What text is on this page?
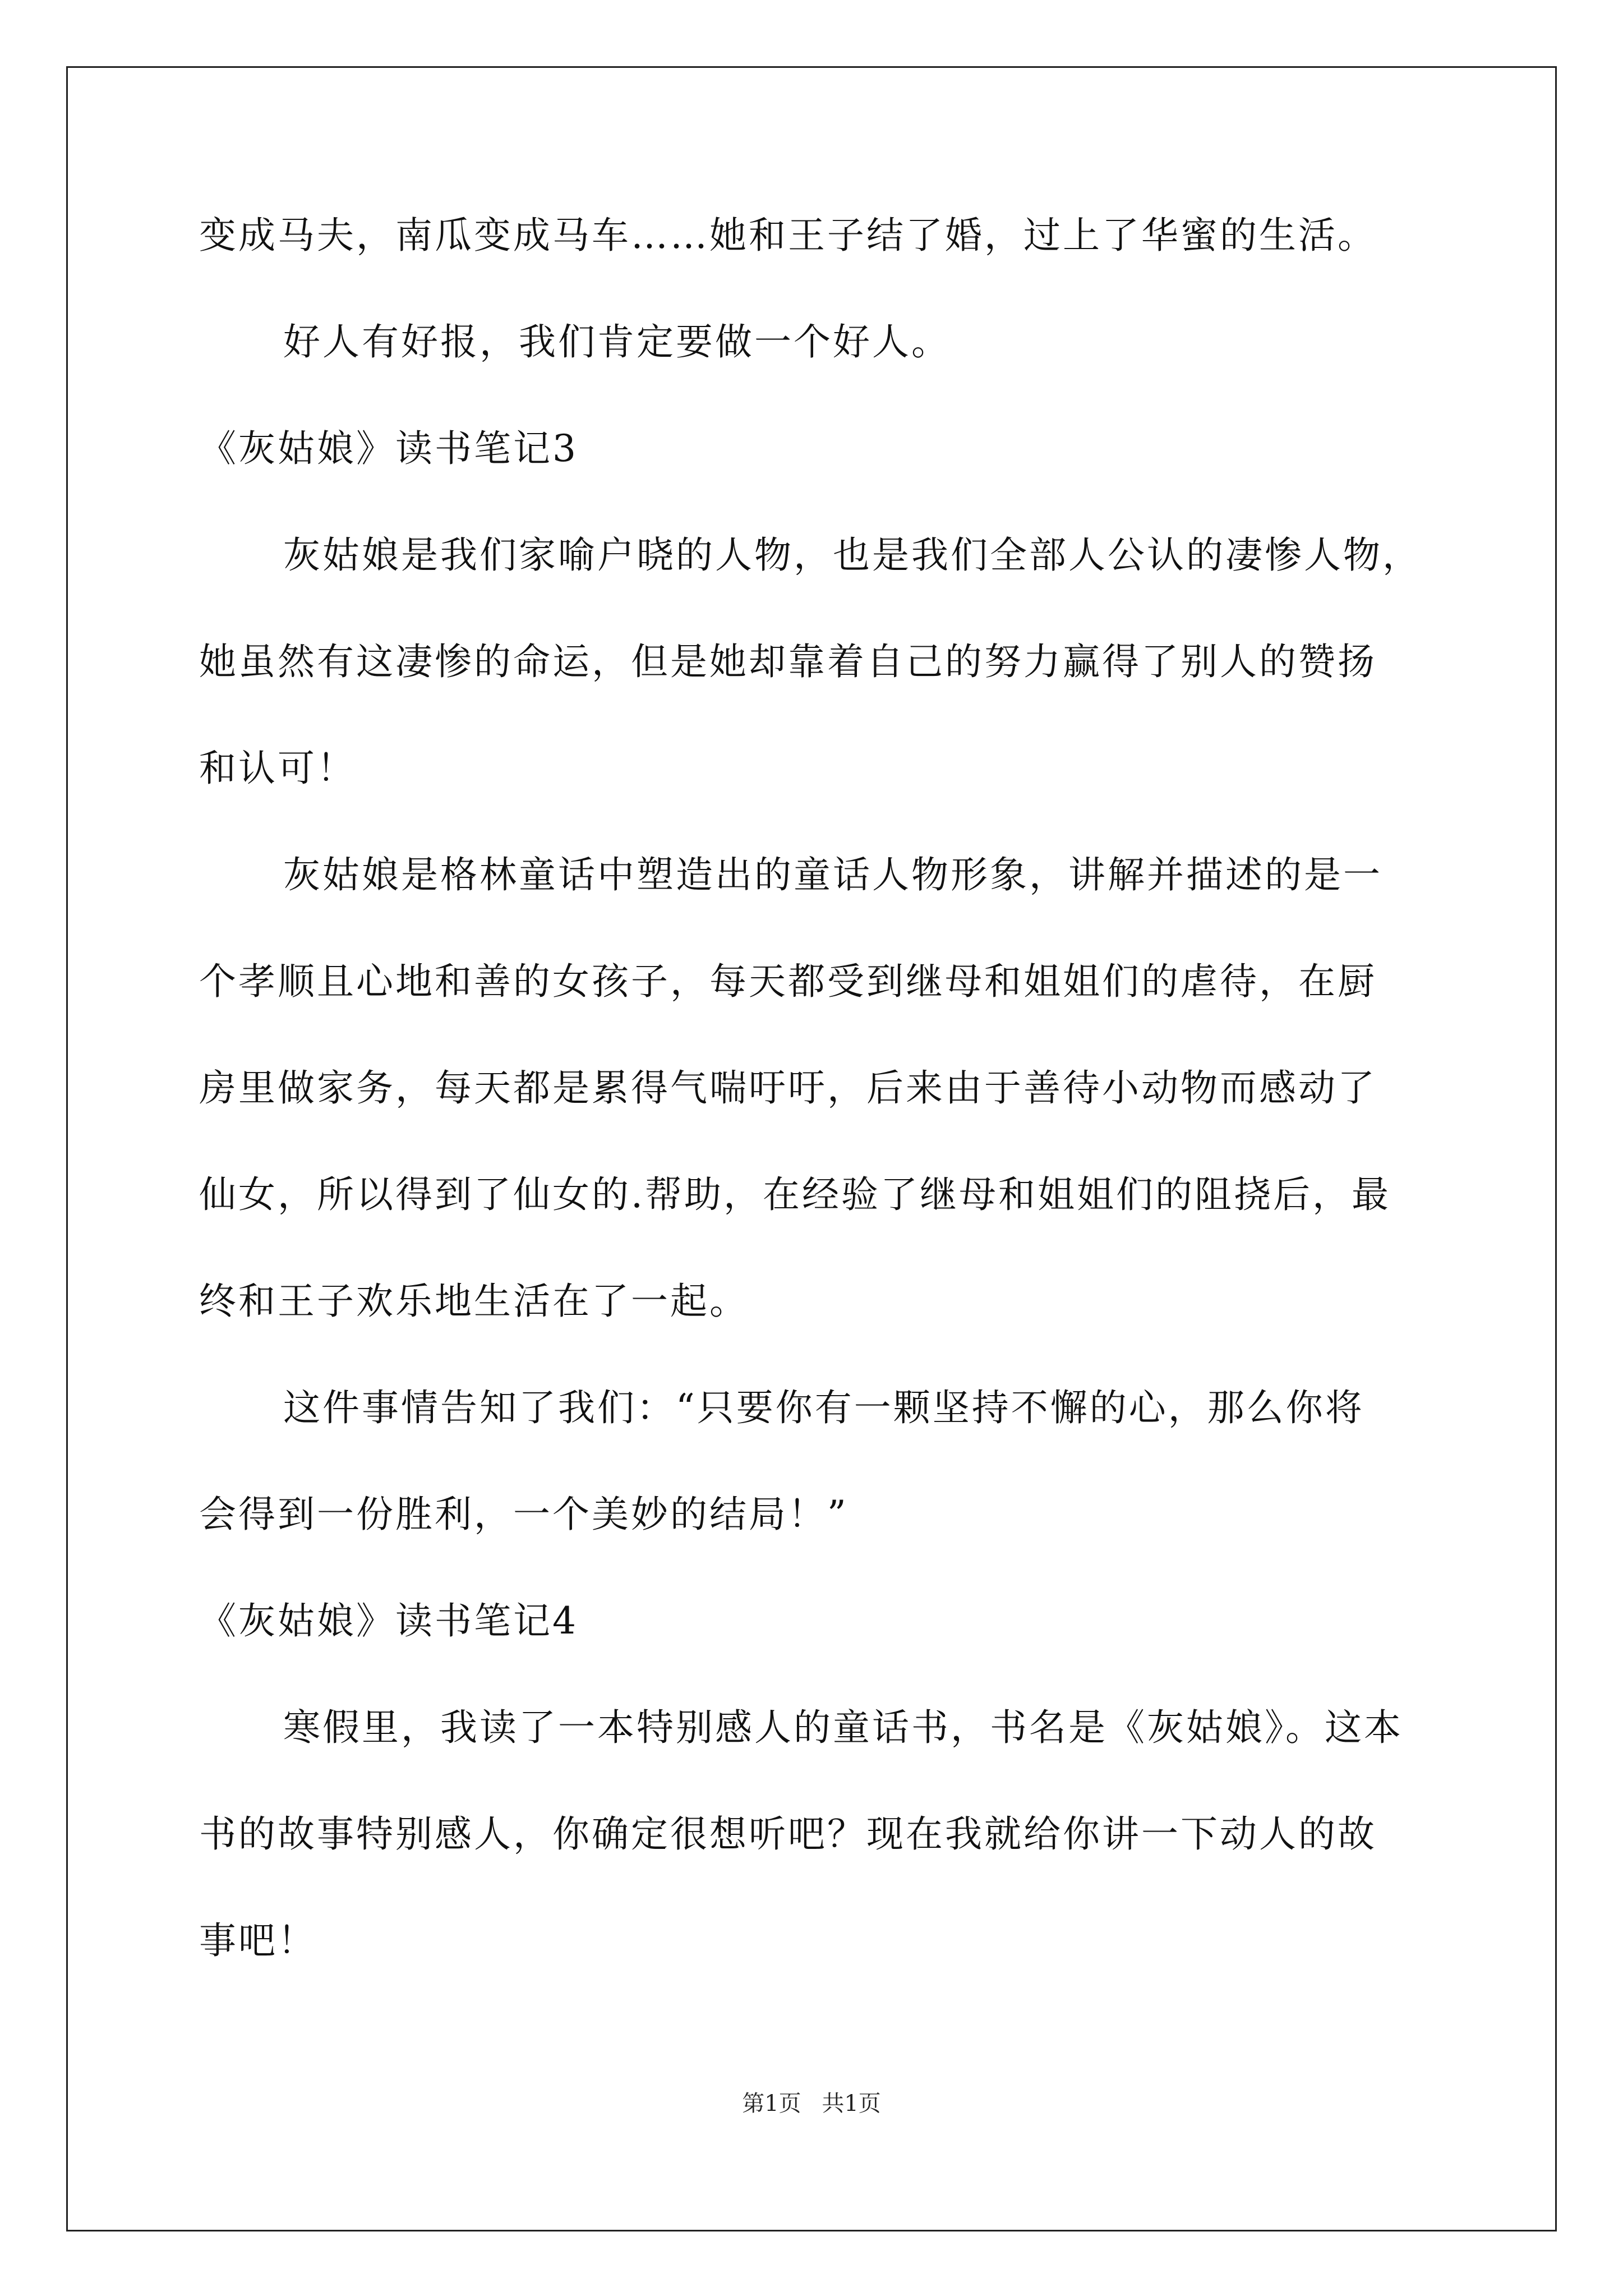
变成马夫，南瓜变成马车……她和王子结了婚，过上了华蜜的生活。
好人有好报，我们肯定要做一个好人。
《灰姑娘》读书笔记3
灰姑娘是我们家喻户晓的人物，也是我们全部人公认的凄惨人物，
她虽然有这凄惨的命运，但是她却靠着自己的努力赢得了别人的赞扬
和认可！
灰姑娘是格林童话中塑造出的童话人物形象，讲解并描述的是一
个孝顺且心地和善的女孩子，每天都受到继母和姐姐们的虐待，在厨
房里做家务，每天都是累得气喘吁吁，后来由于善待小动物而感动了
仙女，所以得到了仙女的.帮助，在经验了继母和姐姐们的阻挠后，最
终和王子欢乐地生活在了一起。
这件事情告知了我们：“只要你有一颗坚持不懈的心，那么你将
会得到一份胜利，一个美妙的结局！”
《灰姑娘》读书笔记4
寒假里，我读了一本特别感人的童话书，书名是《灰姑娘》。这本
书的故事特别感人，你确定很想听吧？现在我就给你讲一下动人的故
事吧！
第1页 共1页
